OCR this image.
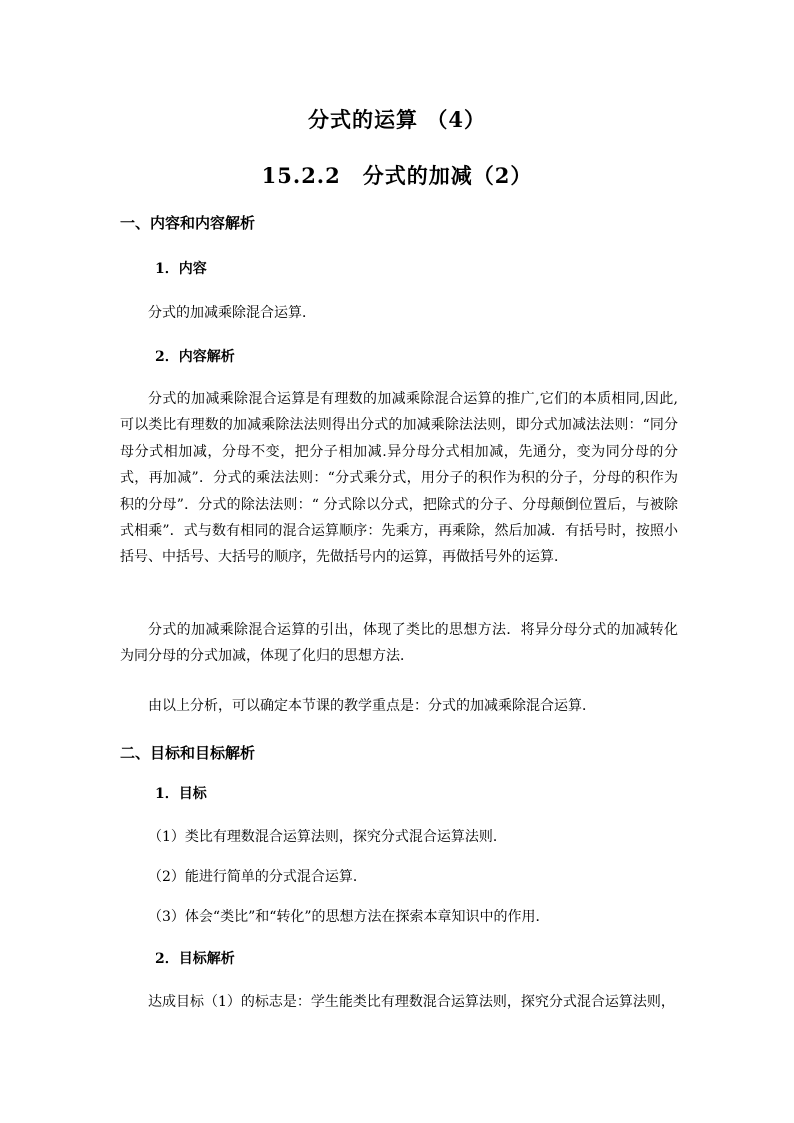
分式的运算 （4）
15.2.2　分式的加减（2）
一、内容和内容解析
1．内容
分式的加减乘除混合运算．
2．内容解析
分式的加减乘除混合运算是有理数的加减乘除混合运算的推广,它们的本质相同,因此,可以类比有理数的加减乘除法法则得出分式的加减乘除法法则，即分式加减法法则：“同分母分式相加减，分母不变，把分子相加减.异分母分式相加减，先通分，变为同分母的分式，再加减”．分式的乘法法则：“分式乘分式，用分子的积作为积的分子，分母的积作为积的分母”．分式的除法法则：“ 分式除以分式，把除式的分子、分母颠倒位置后，与被除式相乘”．式与数有相同的混合运算顺序：先乘方，再乘除，然后加减．有括号时，按照小括号、中括号、大括号的顺序，先做括号内的运算，再做括号外的运算．
分式的加减乘除混合运算的引出，体现了类比的思想方法．将异分母分式的加减转化为同分母的分式加减，体现了化归的思想方法．
由以上分析，可以确定本节课的教学重点是：分式的加减乘除混合运算．
二、目标和目标解析
1．目标
（1）类比有理数混合运算法则，探究分式混合运算法则．
（2）能进行简单的分式混合运算．
（3）体会“类比”和“转化”的思想方法在探索本章知识中的作用．
2．目标解析
达成目标（1）的标志是：学生能类比有理数混合运算法则，探究分式混合运算法则，
